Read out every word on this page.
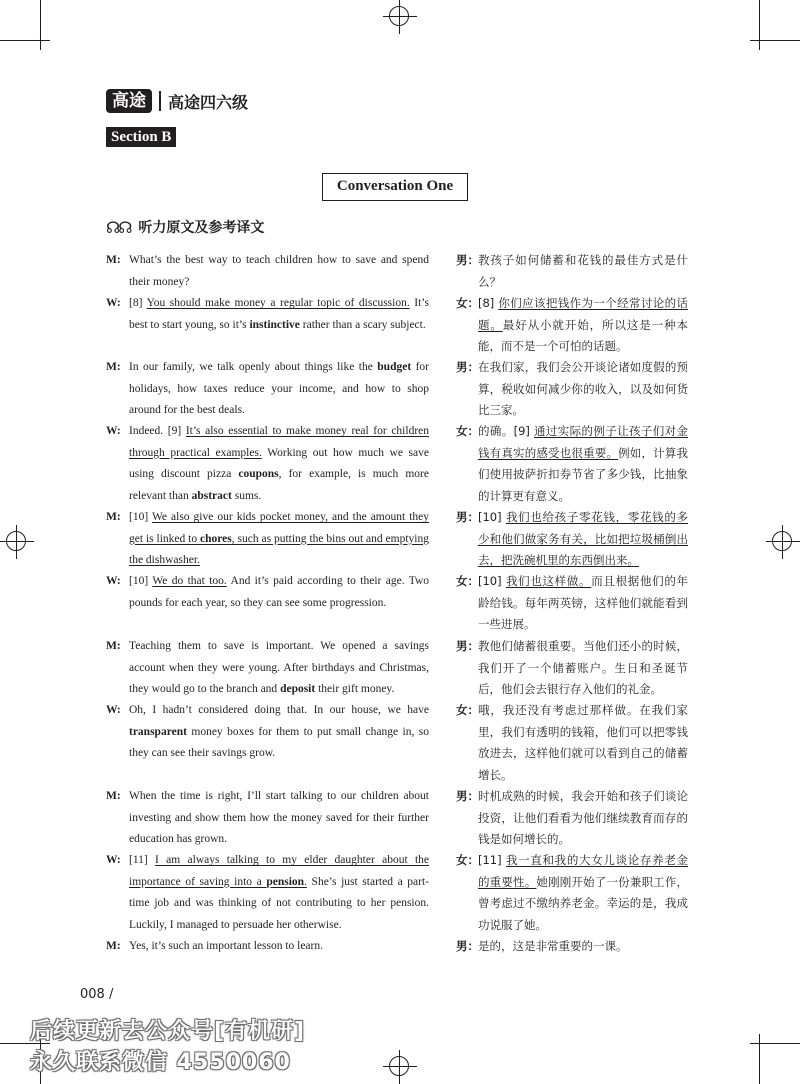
高途	高途四六级
Section B
Conversation One
☊☊ 听力原文及参考译文
M: What’s the best way to teach children how to save and spend their money?
W: [8] You should make money a regular topic of discussion. It’s best to start young, so it’s instinctive rather than a scary subject.
M: In our family, we talk openly about things like the budget for holidays, how taxes reduce your income, and how to shop around for the best deals.
W: Indeed. [9] It’s also essential to make money real for children through practical examples. Working out how much we save using discount pizza coupons, for example, is much more relevant than abstract sums.
M: [10] We also give our kids pocket money, and the amount they get is linked to chores, such as putting the bins out and emptying the dishwasher.
W: [10] We do that too. And it’s paid according to their age. Two pounds for each year, so they can see some progression.
M: Teaching them to save is important. We opened a savings account when they were young. After birthdays and Christmas, they would go to the branch and deposit their gift money.
W: Oh, I hadn’t considered doing that. In our house, we have transparent money boxes for them to put small change in, so they can see their savings grow.
M: When the time is right, I’ll start talking to our children about investing and show them how the money saved for their further education has grown.
W: [11] I am always talking to my elder daughter about the importance of saving into a pension. She’s just started a part-time job and was thinking of not contributing to her pension. Luckily, I managed to persuade her otherwise.
M: Yes, it’s such an important lesson to learn.
男： 教孩子如何储蓄和花钱的最佳方式是什么？
女： [8] 你们应该把钱作为一个经常讨论的话题。最好从小就开始，所以这是一种本能，而不是一个可怕的话题。
男： 在我们家，我们会公开谈论诸如度假的预算，税收如何减少你的收入，以及如何货比三家。
女： 的确。[9] 通过实际的例子让孩子们对金钱有真实的感受也很重要。例如，计算我们使用披萨折扣券节省了多少钱，比抽象的计算更有意义。
男： [10] 我们也给孩子零花钱，零花钱的多少和他们做家务有关，比如把垃圾桶倒出去，把洗碗机里的东西倒出来。
女： [10] 我们也这样做。而且根据他们的年龄给钱。每年两英镑，这样他们就能看到一些进展。
男： 教他们储蓄很重要。当他们还小的时候，我们开了一个储蓄账户。生日和圣诞节后，他们会去银行存入他们的礼金。
女： 哦，我还没有考虑过那样做。在我们家里，我们有透明的钱箱，他们可以把零钱放进去，这样他们就可以看到自己的储蓄增长。
男： 时机成熟的时候，我会开始和孩子们谈论投资，让他们看看为他们继续教育而存的钱是如何增长的。
女： [11] 我一直和我的大女儿谈论存养老金的重要性。她刚刚开始了一份兼职工作，曾考虑过不缴纳养老金。幸运的是，我成功说服了她。
男： 是的，这是非常重要的一课。
008 /
后续更新去公众号[有机研]
永久联系微信 4550060
